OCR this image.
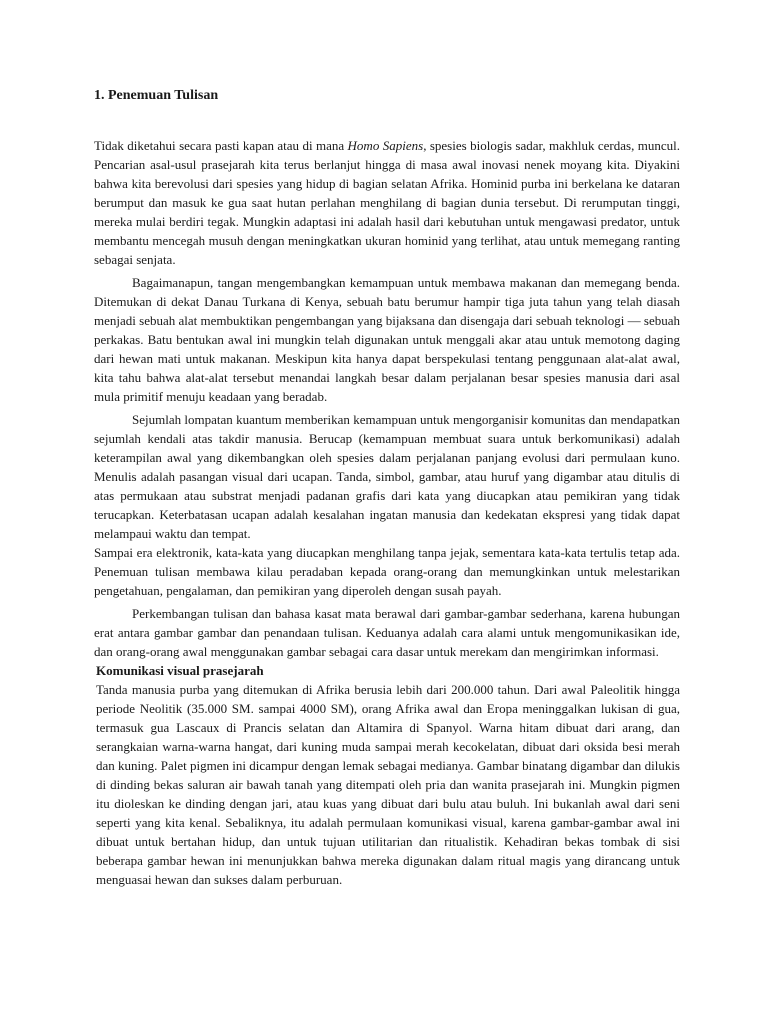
1. Penemuan Tulisan

Tidak diketahui secara pasti kapan atau di mana Homo Sapiens, spesies biologis sadar, makhluk cerdas, muncul. Pencarian asal-usul prasejarah kita terus berlanjut hingga di masa awal inovasi nenek moyang kita. Diyakini bahwa kita berevolusi dari spesies yang hidup di bagian selatan Afrika. Hominid purba ini berkelana ke dataran berumput dan masuk ke gua saat hutan perlahan menghilang di bagian dunia tersebut. Di rerumputan tinggi, mereka mulai berdiri tegak. Mungkin adaptasi ini adalah hasil dari kebutuhan untuk mengawasi predator, untuk membantu mencegah musuh dengan meningkatkan ukuran hominid yang terlihat, atau untuk memegang ranting sebagai senjata.

Bagaimanapun, tangan mengembangkan kemampuan untuk membawa makanan dan memegang benda. Ditemukan di dekat Danau Turkana di Kenya, sebuah batu berumur hampir tiga juta tahun yang telah diasah menjadi sebuah alat membuktikan pengembangan yang bijaksana dan disengaja dari sebuah teknologi — sebuah perkakas. Batu bentukan awal ini mungkin telah digunakan untuk menggali akar atau untuk memotong daging dari hewan mati untuk makanan. Meskipun kita hanya dapat berspekulasi tentang penggunaan alat-alat awal, kita tahu bahwa alat-alat tersebut menandai langkah besar dalam perjalanan besar spesies manusia dari asal mula primitif menuju keadaan yang beradab.

Sejumlah lompatan kuantum memberikan kemampuan untuk mengorganisir komunitas dan mendapatkan sejumlah kendali atas takdir manusia. Berucap (kemampuan membuat suara untuk berkomunikasi) adalah keterampilan awal yang dikembangkan oleh spesies dalam perjalanan panjang evolusi dari permulaan kuno. Menulis adalah pasangan visual dari ucapan. Tanda, simbol, gambar, atau huruf yang digambar atau ditulis di atas permukaan atau substrat menjadi padanan grafis dari kata yang diucapkan atau pemikiran yang tidak terucapkan. Keterbatasan ucapan adalah kesalahan ingatan manusia dan kedekatan ekspresi yang tidak dapat melampaui waktu dan tempat.

Sampai era elektronik, kata-kata yang diucapkan menghilang tanpa jejak, sementara kata-kata tertulis tetap ada. Penemuan tulisan membawa kilau peradaban kepada orang-orang dan memungkinkan untuk melestarikan pengetahuan, pengalaman, dan pemikiran yang diperoleh dengan susah payah.

Perkembangan tulisan dan bahasa kasat mata berawal dari gambar-gambar sederhana, karena hubungan erat antara gambar gambar dan penandaan tulisan. Keduanya adalah cara alami untuk mengomunikasikan ide, dan orang-orang awal menggunakan gambar sebagai cara dasar untuk merekam dan mengirimkan informasi.

Komunikasi visual prasejarah

Tanda manusia purba yang ditemukan di Afrika berusia lebih dari 200.000 tahun. Dari awal Paleolitik hingga periode Neolitik (35.000 SM. sampai 4000 SM), orang Afrika awal dan Eropa meninggalkan lukisan di gua, termasuk gua Lascaux di Prancis selatan dan Altamira di Spanyol. Warna hitam dibuat dari arang, dan serangkaian warna-warna hangat, dari kuning muda sampai merah kecokelatan, dibuat dari oksida besi merah dan kuning. Palet pigmen ini dicampur dengan lemak sebagai medianya. Gambar binatang digambar dan dilukis di dinding bekas saluran air bawah tanah yang ditempati oleh pria dan wanita prasejarah ini. Mungkin pigmen itu dioleskan ke dinding dengan jari, atau kuas yang dibuat dari bulu atau buluh. Ini bukanlah awal dari seni seperti yang kita kenal. Sebaliknya, itu adalah permulaan komunikasi visual, karena gambar-gambar awal ini dibuat untuk bertahan hidup, dan untuk tujuan utilitarian dan ritualistik. Kehadiran bekas tombak di sisi beberapa gambar hewan ini menunjukkan bahwa mereka digunakan dalam ritual magis yang dirancang untuk menguasai hewan dan sukses dalam perburuan.
